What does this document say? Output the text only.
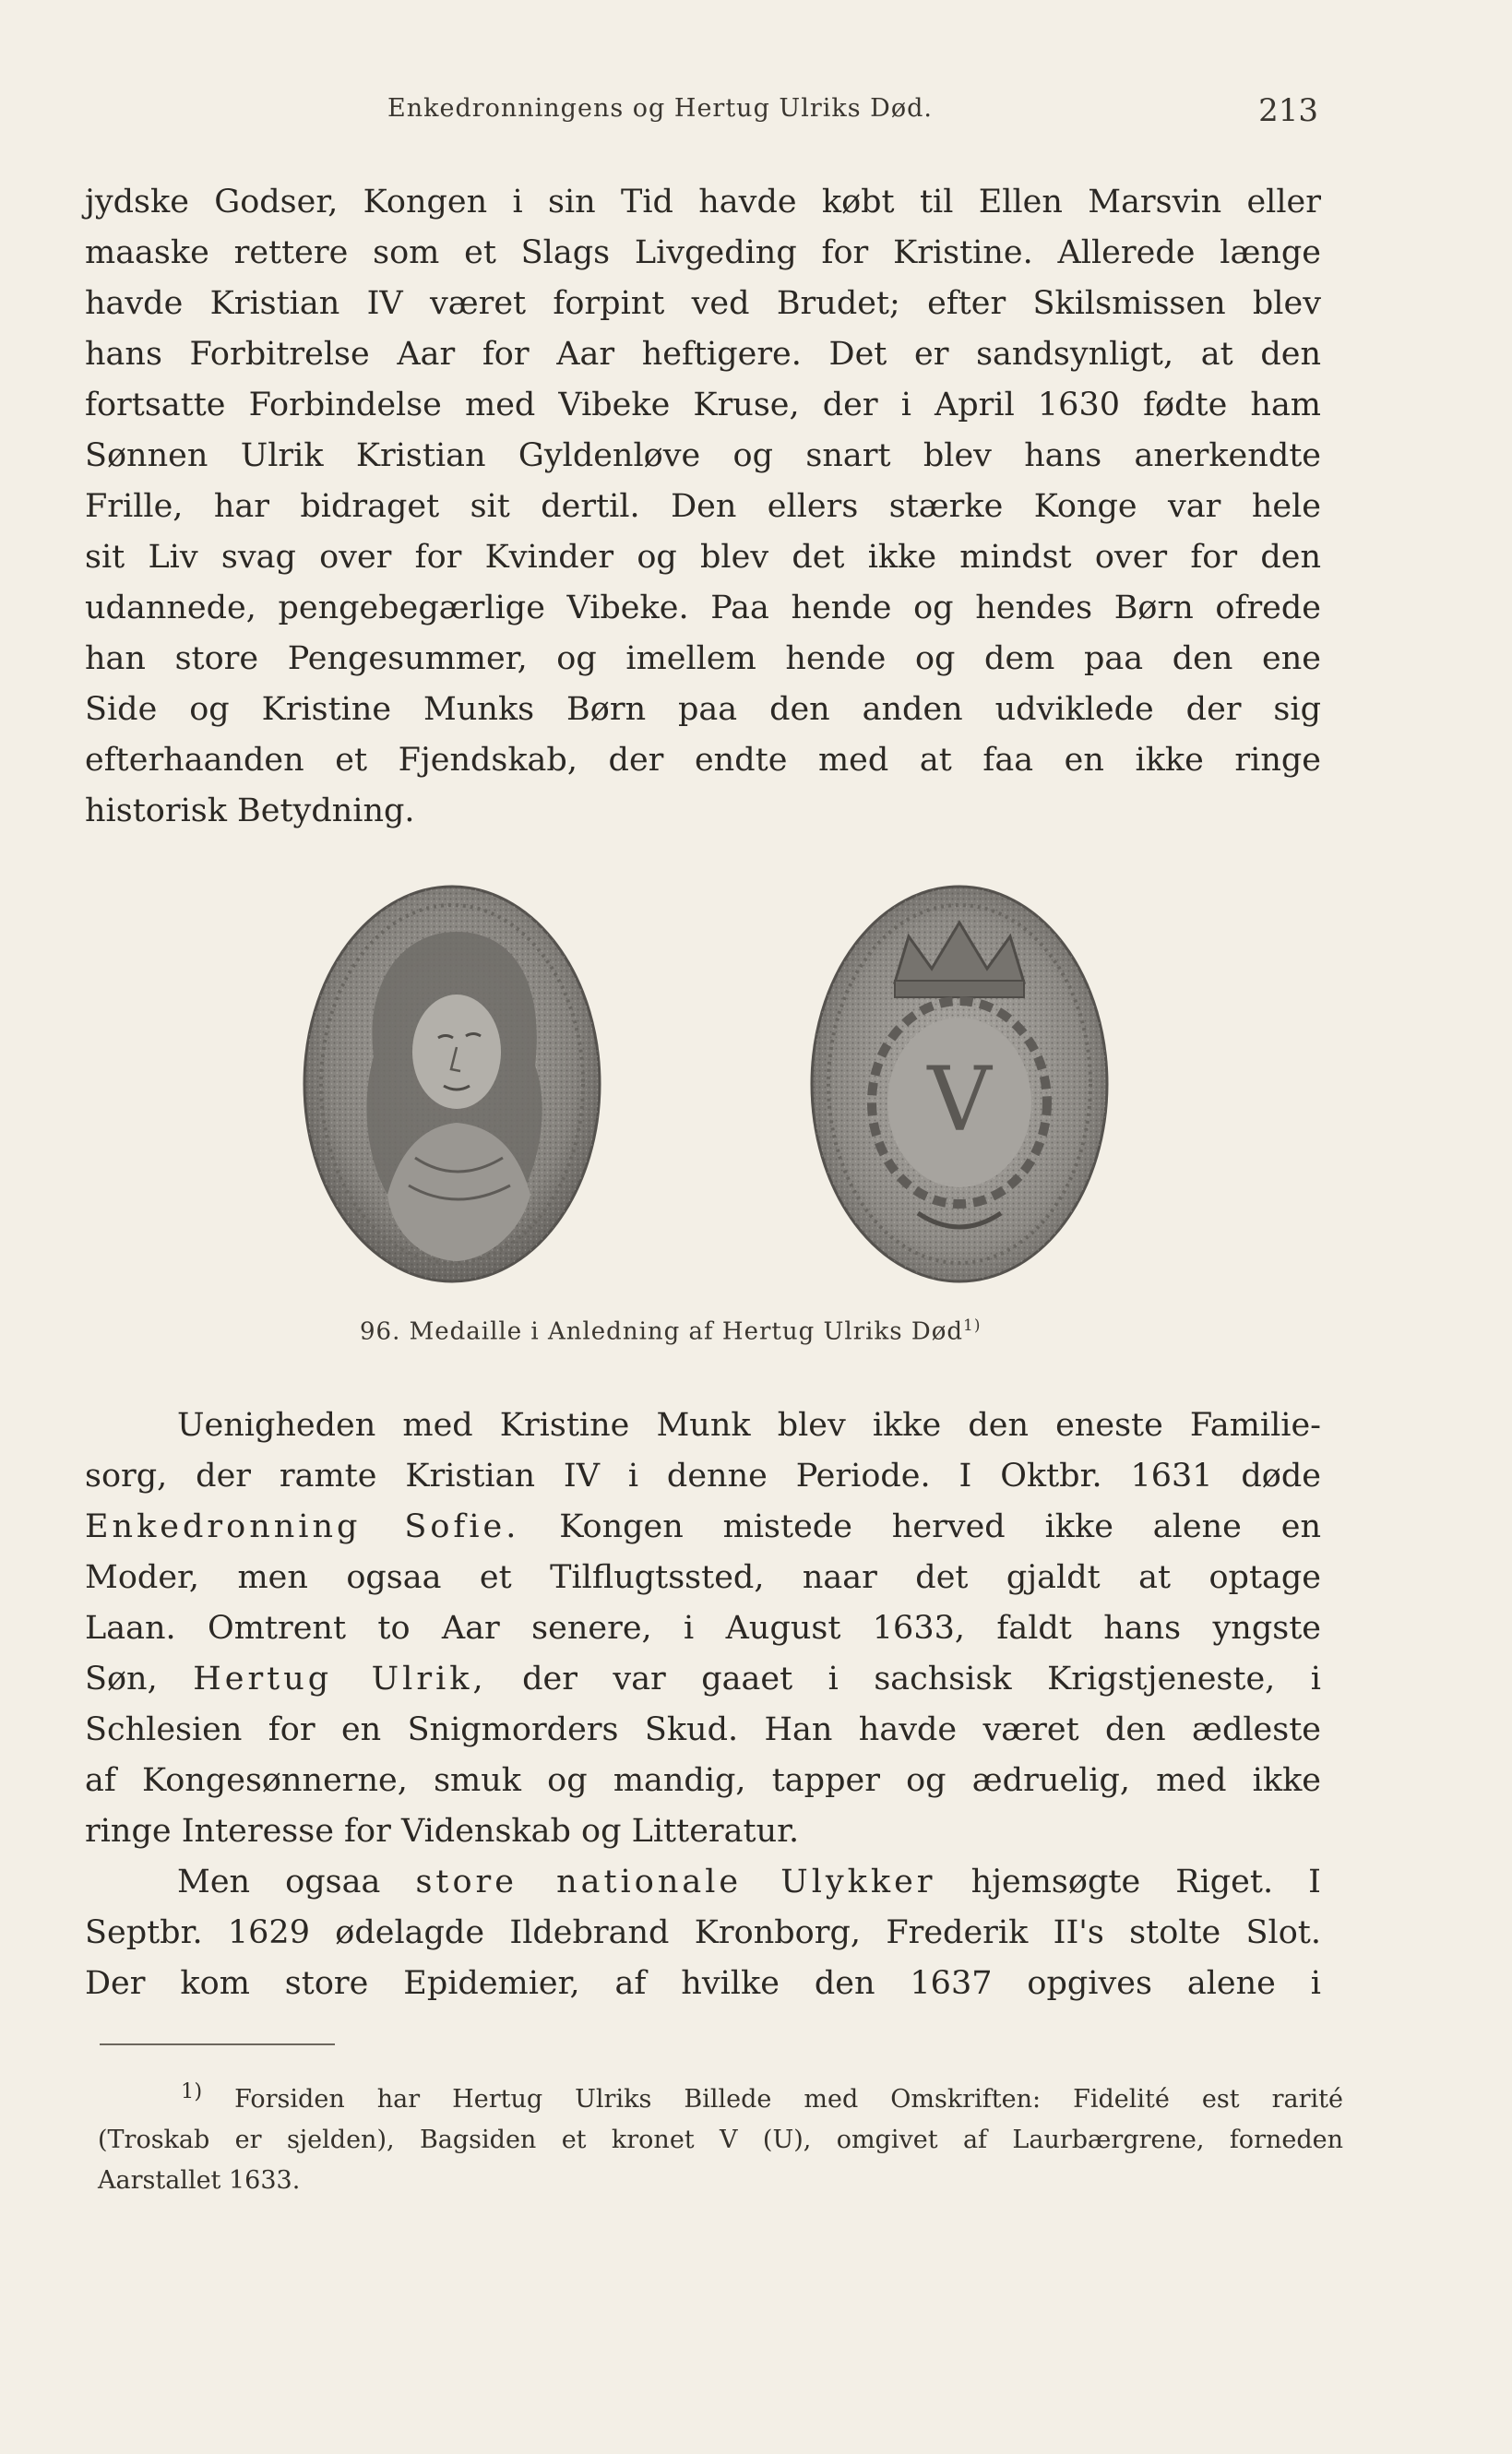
Enkedronningens og Hertug Ulriks Død.	213
jydske Godser, Kongen i sin Tid havde købt til Ellen Marsvin eller
maaske rettere som et Slags Livgeding for Kristine. Allerede længe
havde Kristian IV været forpint ved Brudet; efter Skilsmissen blev
hans Forbitrelse Aar for Aar heftigere. Det er sandsynligt, at den
fortsatte Forbindelse med Vibeke Kruse, der i April 1630 fødte ham
Sønnen Ulrik Kristian Gyldenløve og snart blev hans anerkendte
Frille, har bidraget sit dertil. Den ellers stærke Konge var hele
sit Liv svag over for Kvinder og blev det ikke mindst over for den
udannede, pengebegærlige Vibeke. Paa hende og hendes Børn ofrede
han store Pengesummer, og imellem hende og dem paa den ene
Side og Kristine Munks Børn paa den anden udviklede der sig
efterhaanden et Fjendskab, der endte med at faa en ikke ringe
historisk Betydning.
V
96. Medaille i Anledning af Hertug Ulriks Død$^{1)}$
Uenigheden med Kristine Munk blev ikke den eneste Familie-
sorg, der ramte Kristian IV i denne Periode. I Oktbr. 1631 døde
Enkedronning Sofie. Kongen mistede herved ikke alene en
Moder, men ogsaa et Tilflugtssted, naar det gjaldt at optage
Laan. Omtrent to Aar senere, i August 1633, faldt hans yngste
Søn, Hertug Ulrik, der var gaaet i sachsisk Krigstjeneste, i
Schlesien for en Snigmorders Skud. Han havde været den ædleste
af Kongesønnerne, smuk og mandig, tapper og ædruelig, med ikke
ringe Interesse for Videnskab og Litteratur.
Men ogsaa store nationale Ulykker hjemsøgte Riget. I
Septbr. 1629 ødelagde Ildebrand Kronborg, Frederik II's stolte Slot.
Der kom store Epidemier, af hvilke den 1637 opgives alene i
$^{1)}$ Forsiden har Hertug Ulriks Billede med Omskriften: Fidelité est rarité
(Troskab er sjelden), Bagsiden et kronet V (U), omgivet af Laurbærgrene, forneden
Aarstallet 1633.
